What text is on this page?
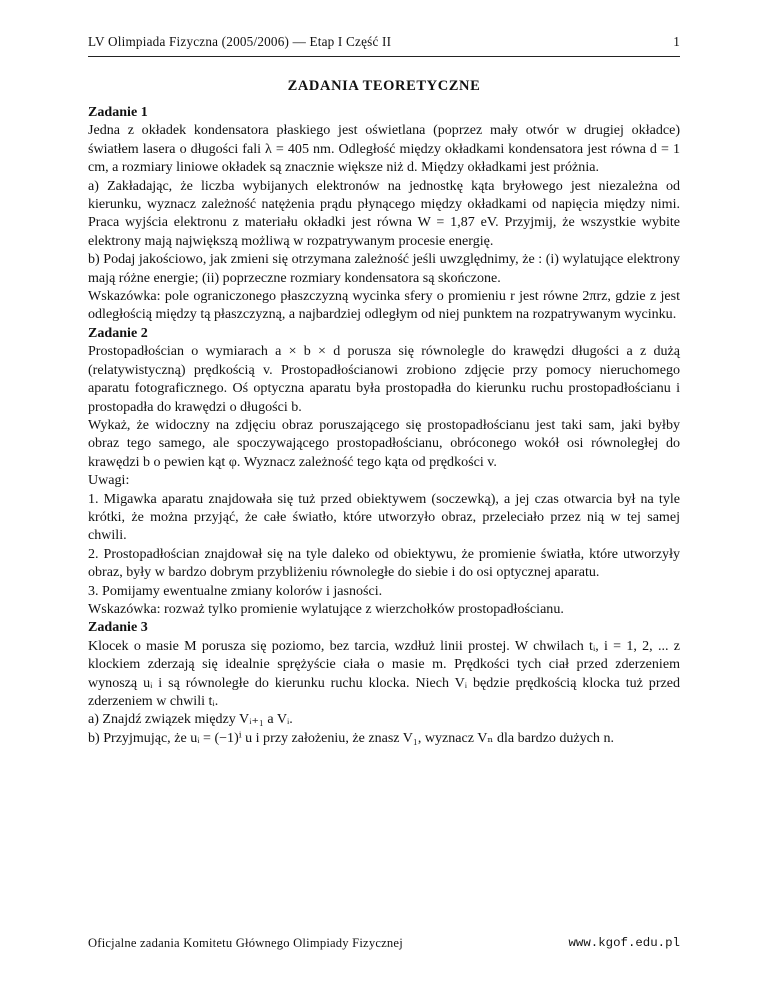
LV Olimpiada Fizyczna (2005/2006) — Etap I Część II	1
ZADANIA TEORETYCZNE
Zadanie 1

Jedna z okładek kondensatora płaskiego jest oświetlana (poprzez mały otwór w drugiej okładce) światłem lasera o długości fali λ = 405 nm. Odległość między okładkami kondensatora jest równa d = 1 cm, a rozmiary liniowe okładek są znacznie większe niż d. Między okładkami jest próżnia.

a) Zakładając, że liczba wybijanych elektronów na jednostkę kąta bryłowego jest niezależna od kierunku, wyznacz zależność natężenia prądu płynącego między okładkami od napięcia między nimi. Praca wyjścia elektronu z materiału okładki jest równa W = 1,87 eV. Przyjmij, że wszystkie wybite elektrony mają największą możliwą w rozpatrywanym procesie energię.

b) Podaj jakościowo, jak zmieni się otrzymana zależność jeśli uwzględnimy, że : (i) wylatujące elektrony mają różne energie; (ii) poprzeczne rozmiary kondensatora są skończone.

Wskazówka: pole ograniczonego płaszczyzną wycinka sfery o promieniu r jest równe 2πrz, gdzie z jest odległością między tą płaszczyzną, a najbardziej odległym od niej punktem na rozpatrywanym wycinku.

Zadanie 2

Prostopadłościan o wymiarach a × b × d porusza się równolegle do krawędzi długości a z dużą (relatywistyczną) prędkością v. Prostopadłościanowi zrobiono zdjęcie przy pomocy nieruchomego aparatu fotograficznego. Oś optyczna aparatu była prostopadła do kierunku ruchu prostopadłościanu i prostopadła do krawędzi o długości b.

Wykaż, że widoczny na zdjęciu obraz poruszającego się prostopadłościanu jest taki sam, jaki byłby obraz tego samego, ale spoczywającego prostopadłościanu, obróconego wokół osi równoległej do krawędzi b o pewien kąt φ. Wyznacz zależność tego kąta od prędkości v.

Uwagi:

1. Migawka aparatu znajdowała się tuż przed obiektywem (soczewką), a jej czas otwarcia był na tyle krótki, że można przyjąć, że całe światło, które utworzyło obraz, przeleciało przez nią w tej samej chwili.

2. Prostopadłościan znajdował się na tyle daleko od obiektywu, że promienie światła, które utworzyły obraz, były w bardzo dobrym przybliżeniu równoległe do siebie i do osi optycznej aparatu.

3. Pomijamy ewentualne zmiany kolorów i jasności.

Wskazówka: rozważ tylko promienie wylatujące z wierzchołków prostopadłościanu.

Zadanie 3

Klocek o masie M porusza się poziomo, bez tarcia, wzdłuż linii prostej. W chwilach tᵢ, i = 1, 2, ... z klockiem zderzają się idealnie sprężyście ciała o masie m. Prędkości tych ciał przed zderzeniem wynoszą uᵢ i są równoległe do kierunku ruchu klocka. Niech Vᵢ będzie prędkością klocka tuż przed zderzeniem w chwili tᵢ.

a) Znajdź związek między Vᵢ₊₁ a Vᵢ.

b) Przyjmując, że uᵢ = (−1)ⁱ u i przy założeniu, że znasz V₁, wyznacz Vₙ dla bardzo dużych n.

Oficjalne zadania Komitetu Głównego Olimpiady Fizycznej	www.kgof.edu.pl
